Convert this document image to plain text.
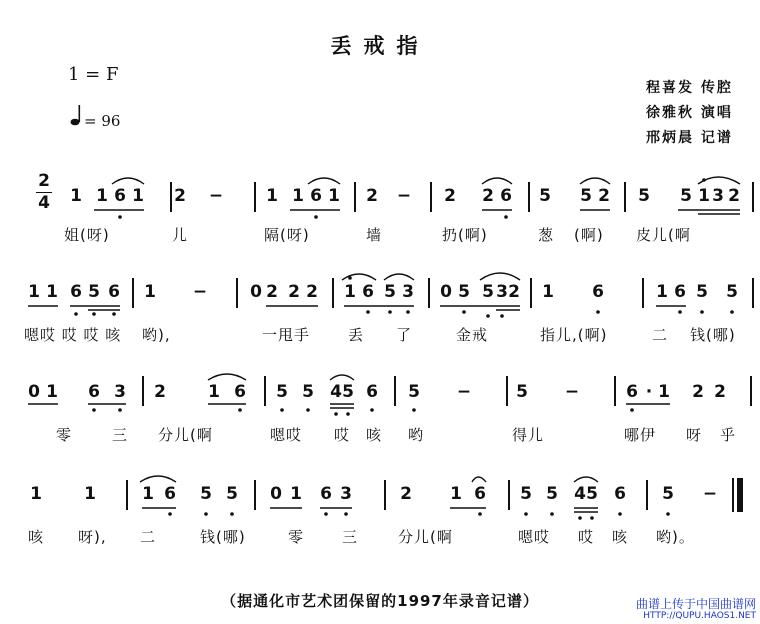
丢戒指
1 = F
= 96
程喜发 传腔
徐雅秋 演唱
邢炳晨 记谱
2
4 1 1 6 1 2 −	1 1 6 1 2 − 2 2 6 5 5 2 5 5 1 3 2
姐(呀)	儿	隔(呀)	墙	扔(啊)	葱 (啊) 皮儿(啊
1 1 6 5 6 1 −	0 2 2 2 1 6 5 3 0 5 5 3 2 1 6	1 6 5 5
嗯哎 哎 哎 咳 哟),	一甩手	丢 了	金戒	指儿,(啊)	二 钱(哪)
0 1 6 3 2 1 6 5 5 4 5 6 5 −	5 −	6 · 1 2 2
零	三 分儿(啊	嗯哎 哎 咳 哟	得儿	哪伊 呀 乎
1 1	1 6 5 5 0 1 6 3	2 1 6 5 5 4 5 6 5 −
咳 呀), 二	钱(哪)	零	三	分儿(啊	嗯哎 哎 咳 哟)。
（据通化市艺术团保留的1997年录音记谱）	曲谱上传于中国曲谱网
HTTP://QUPU.HAOS1.NET
